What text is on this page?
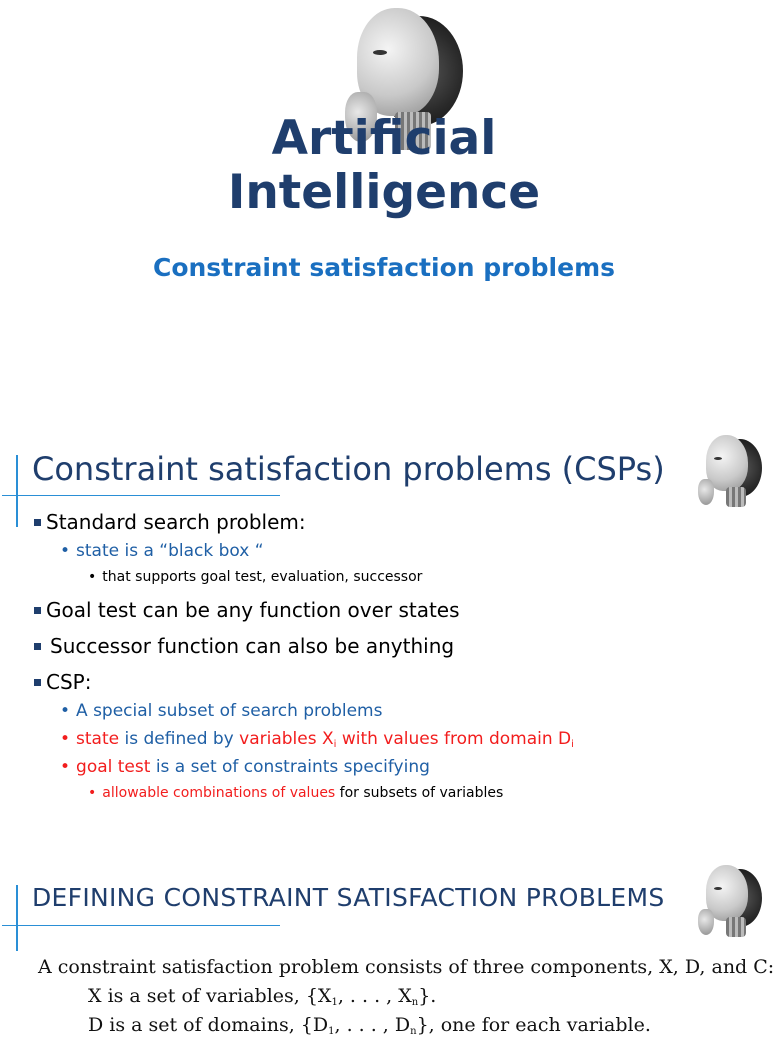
Artificial
Intelligence
Constraint satisfaction problems
Constraint satisfaction problems (CSPs)
Standard search problem:
• state is a “black box “
• that supports goal test, evaluation, successor
Goal test can be any function over states
Successor function can also be anything
CSP:
• A special subset of search problems
• state is defined by variables $X_i$ with values from domain $D_i$
• goal test is a set of constraints specifying
• allowable combinations of values for subsets of variables
DEFINING CONSTRAINT SATISFACTION PROBLEMS
A constraint satisfaction problem consists of three components, X, D, and C:
X is a set of variables, {$X_1$, . . . , $X_n$}.
D is a set of domains, {$D_1$, . . . , $D_n$}, one for each variable.
